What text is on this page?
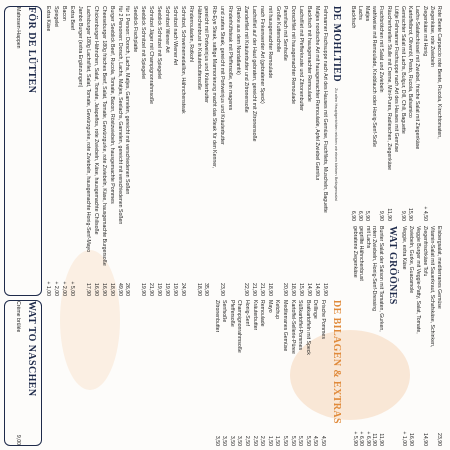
Rote Beete Carpaccio rote Beete, Rucola, Kirschtomaten,
Ziegenkäse, rote Zwiebeln
Ziegenkäse mit Honig
+ 4,50
Lachs-Salatschüssel mit Zwiebel, frische Salat mit Ziegenkäse
Kartoffelbrot, Olivenöl, Pesto, Rucola, Balsamico
15,90
Gemischter Salat mit Lachs, Bulgur, Dill, Chili, Baguette
9,90
Lüttje Fehmarner Fischsuppe nach Art des Hauses mit Gemüse
Räucherforellen Stulle mit Creme, Mini-Pures, Radieschen, Ziegenkäse
11,90
Fischbrötchen mit Salat und Zwiebeln
9,90
wahlweise mit Remoulade, Knoblauch oder Honig-Senf-Soße
Matjes
5,90
Lachs
6,90
Backfisch
6,90
Eisbergsalat, mediterranes Gemüse
23,90
Vitamin-Salat mit Sauerkraut, Schafskäse, Schinken,
Ziegenfrischkäse Tofu
14,90
Veggie Burger mit Veggie-Patty, Salat, Tomate,
Zwiebeln, Gurke, Guacamole
16,90
Veggie, extra Käse
+ 1,00
WAT GRÖÖNES
Bunter Salat der Saison mit Tomaten, Gurken,
11,90
roten Zwiebeln, Honig-Senf-Dressing
11,90
mit Lachs
+ 6,90
gegrillte Hähnchenbrust
+ 6,90
gebratene Ziegenkäse
+ 5,90
DE MOHLTIED
Zu allen Hauptgerichten reichen wir einen kleinen Beilagensalat
Fehmarner Fischsuppe nach Art des Hauses mit Gemüse, Fischfilets, Muscheln, Baguette
19,90
Matjes nordische Art mit hausgemachter Remoulade, Apfel Zwiebel Garnitur
14,90
Backfisch mit hausgemachter Remoulade
14,90
Lachsfilet mit Pfefferkruste und Zitronenbutter
15,90
Dorschfilet mit hausgemachter Remoulade
18,90
Pannfisch mit Senfsoße
20,90
Große Kutterscholle
mit hausgemachter Remoulade
18,90
nach Finkenwerder Art (gebratener Speck)
21,90
Lachsfilet auf der Haut gebraten, gereicht mit Zitronensoße
21,90
Zanderfilet mit Kräuterbutter und Zitronensoße
22,90
(Ranke aus dem Nordatlantik)
Rinderhüftsteak mit Pfeffersoße, ein mageres
und zartes Steak, gereicht mit Portweinjus und Kräuterbutter
23,90
Rib-Eye Steak, saftige Marmorierung macht das Steak für den Kenner,
gereicht mit Portweinjus und Kräuterbutter
35,90
Hähnchenbrust in Kräuterbuttersoße
18,90
Rinderrouladen, Rotkohl
Schnitzel, Schweinemedaillon, Hähnchensteak
24,90
Schnitzel nach Wiener Art
19,90
Schnitzel Wiener Art
19,90
Seeblick Schnitzel mit Spiegelei
19,90
Schnitzel Jäger mit Champignonrahmsoße
21,90
Seeblick Schnitzel mit Spiegelei
19,90
Seeblick Fischplatte
für 1 Person: Dorsch, Lachs, Matjes, Garnelen, gereicht mit verschiedenen Soßen
26,90
für 2 Personen: Dorsch, Lachs, Matjes, Seelachs, Garnelen, gereicht mit verschiedenen Soßen
49,90
Burger Seeblick Beef, Rucola, Tomate, Bacon, Röstzwiebeln, hausgemachte Pommes
18,90
Cheeseburger 180g frisches Beef, Salat, Tomate, Gewürzgurke, rote Zwiebeln, Käse, hausgemachte Burgersoße
16,90
Chickenburger Hähnchen, Salat, Tomate, Jalapeños, rote Zwiebeln, Käse, hausgemachte Chilisoße
16,90
Lachsburger 180g Lachsfilet, Salat, Tomate, Gewürzgurke, rote Zwiebeln, hausgemachte Honig-Senf-Mayo
17,90
Jambo Burger (extra Ergänzungen)
Extra Beef
+ 5,00
Bacon
+ 2,00
Spiegelei
+ 2,00
Extra Käse
+ 1,00
FÖR DE LÜTTEN
Matrosen-Happen
DE BILAGEN & EXTRAS
Frische Pommes
4,50
Drillinge
4,50
Bratkartoffeln mit Speck
5,50
Süßkartoffel-Pommes
5,50
Kartoffel-Sellerie-Püree
5,50
Mediterranes Gemüse
5,50
Ketchup
1,50
Mayo
1,50
Remoulade
2,50
Kräuterbutter
2,50
Honig-Senf
2,50
Champignonrahmsoße
3,50
Pfeffersoße
3,50
Senfsoße
3,50
Zitronenbutter
3,50
WAT TO NASCHEN
Crème brûlée
9,00
